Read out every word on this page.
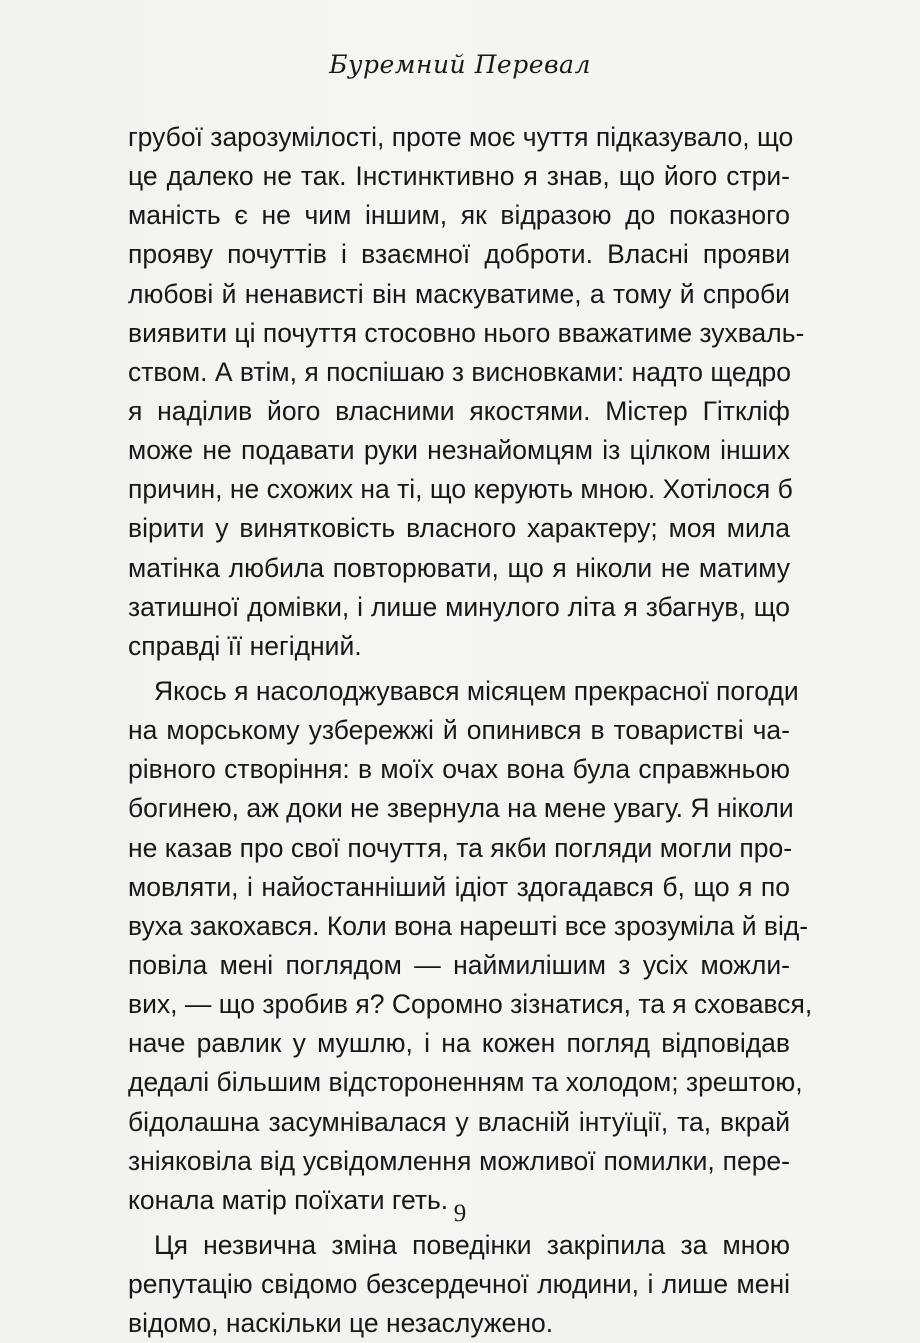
Буремний Перевал
грубої зарозумілості, проте моє чуття підказувало, що
це далеко не так. Інстинктивно я знав, що його стри-
маність є не чим іншим, як відразою до показного
прояву почуттів і взаємної доброти. Власні прояви
любові й ненависті він маскуватиме, а тому й спроби
виявити ці почуття стосовно нього вважатиме зухваль-
ством. А втім, я поспішаю з висновками: надто щедро
я наділив його власними якостями. Містер Гіткліф
може не подавати руки незнайомцям із цілком інших
причин, не схожих на ті, що керують мною. Хотілося б
вірити у винятковість власного характеру; моя мила
матінка любила повторювати, що я ніколи не матиму
затишної домівки, і лише минулого літа я збагнув, що
справді її негідний.
Якось я насолоджувався місяцем прекрасної погоди
на морському узбережжі й опинився в товаристві ча-
рівного створіння: в моїх очах вона була справжньою
богинею, аж доки не звернула на мене увагу. Я ніколи
не казав про свої почуття, та якби погляди могли про-
мовляти, і найостанніший ідіот здогадався б, що я по
вуха закохався. Коли вона нарешті все зрозуміла й від-
повіла мені поглядом — наймилішим з усіх можли-
вих, — що зробив я? Соромно зізнатися, та я сховався,
наче равлик у мушлю, і на кожен погляд відповідав
дедалі більшим відстороненням та холодом; зрештою,
бідолашна засумнівалася у власній інтуїції, та, вкрай
зніяковіла від усвідомлення можливої помилки, пере-
конала матір поїхати геть.
Ця незвична зміна поведінки закріпила за мною
репутацію свідомо безсердечної людини, і лише мені
відомо, наскільки це незаслужено.
9
